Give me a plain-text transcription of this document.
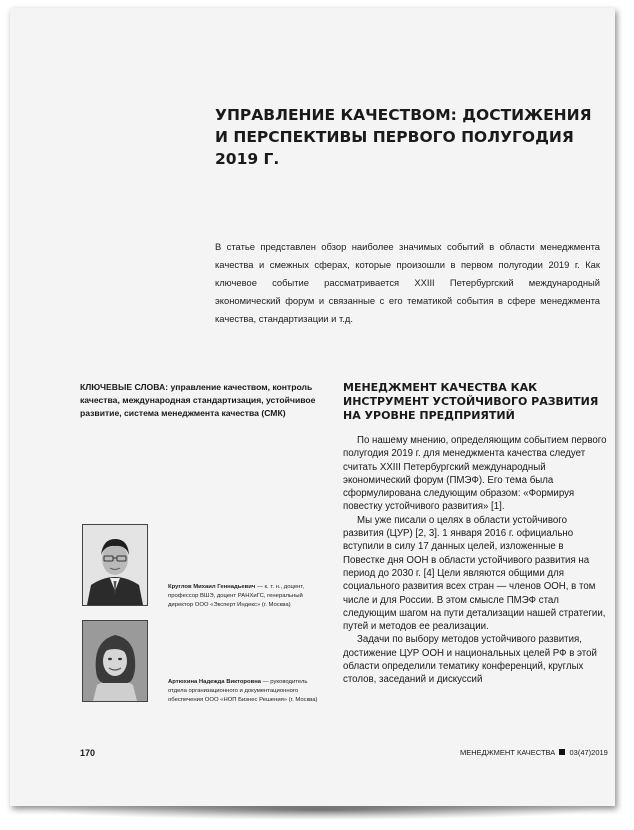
УПРАВЛЕНИЕ КАЧЕСТВОМ: ДОСТИЖЕНИЯ И ПЕРСПЕКТИВЫ ПЕРВОГО ПОЛУГОДИЯ 2019 Г.

В статье представлен обзор наиболее значимых событий в области менеджмента качества и смежных сферах, которые произошли в первом полугодии 2019 г. Как ключевое событие рассматривается XXIII Петербургский международный экономический форум и связанные с его тематикой события в сфере менеджмента качества, стандартизации и т.д.

КЛЮЧЕВЫЕ СЛОВА: управление качеством, контроль качества, международная стандартизация, устойчивое развитие, система менеджмента качества (СМК)

МЕНЕДЖМЕНТ КАЧЕСТВА КАК ИНСТРУМЕНТ УСТОЙЧИВОГО РАЗВИТИЯ НА УРОВНЕ ПРЕДПРИЯТИЙ

По нашему мнению, определяющим событием первого полугодия 2019 г. для менеджмента качества следует считать XXIII Петербургский международный экономический форум (ПМЭФ). Его тема была сформулирована следующим образом: «Формируя повестку устойчивого развития» [1].

Мы уже писали о целях в области устойчивого развития (ЦУР) [2, 3]. 1 января 2016 г. официально вступили в силу 17 данных целей, изложенные в Повестке дня ООН в области устойчивого развития на период до 2030 г. [4] Цели являются общими для социального развития всех стран — членов ООН, в том числе и для России. В этом смысле ПМЭФ стал следующим шагом на пути детализации нашей стратегии, путей и методов ее реализации.

Задачи по выбору методов устойчивого развития, достижение ЦУР ООН и национальных целей РФ в этой области определили тематику конференций, круглых столов, заседаний и дискуссий

Круглов Михаил Геннадьевич — к. т. н., доцент, профессор ВШЭ, доцент РАНХиГС, генеральный директор ООО «Эксперт Индекс» (г. Москва)

Артюхина Надежда Викторовна — руководитель отдела организационного и документационного обеспечения ООО «НОП Бизнес Решения» (г. Москва)

170	МЕНЕДЖМЕНТ КАЧЕСТВА 03(47)2019
